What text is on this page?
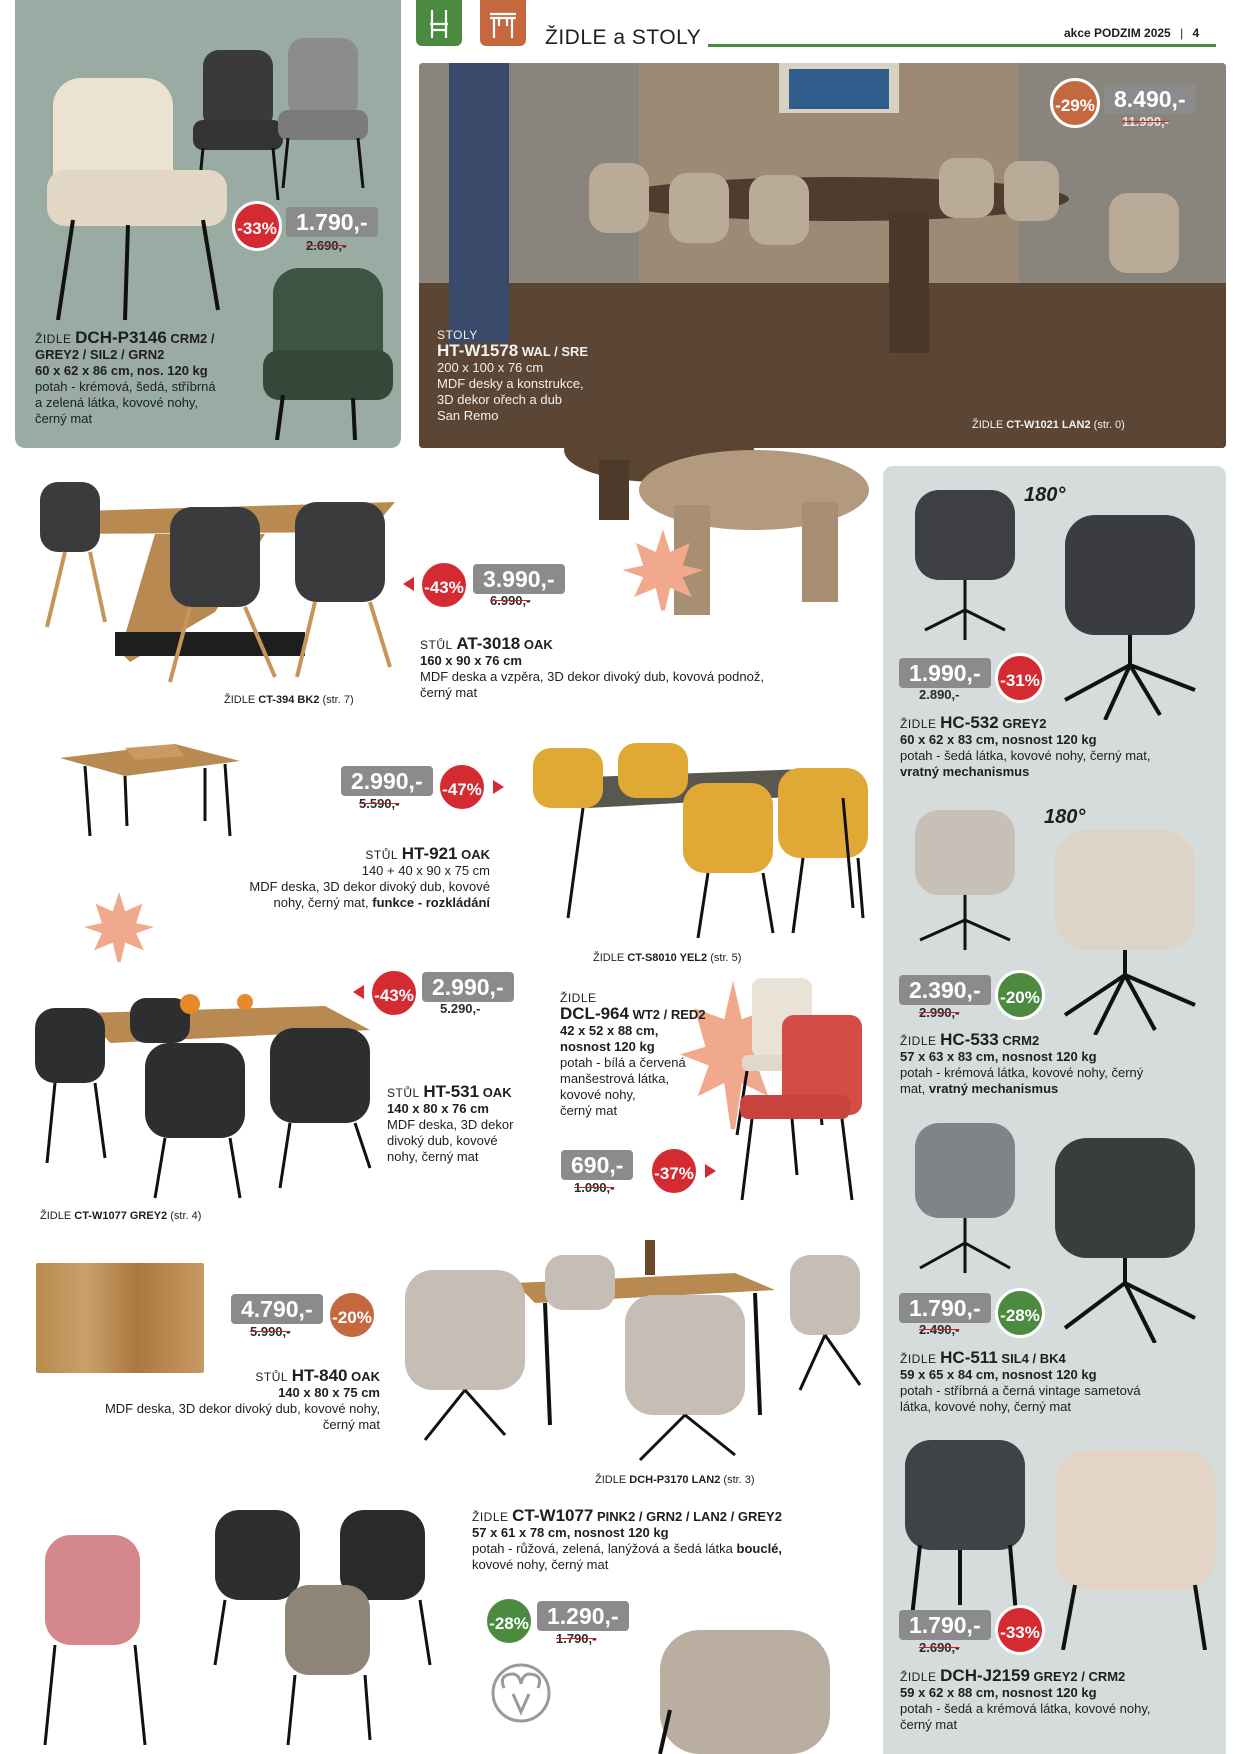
ŽIDLE a STOLY	akce PODZIM 2025 | 4
ŽIDLE DCH-P3146 CRM2 /
GREY2 / SIL2 / GRN2
60 x 62 x 86 cm, nos. 120 kg
potah - krémová, šedá, stříbrná
a zelená látka, kovové nohy,
černý mat
-33% 1.790,-
2.690,-
-29% 8.490,-
11.990,-
STOLY
HT-W1578 WAL / SRE
200 x 100 x 76 cm
MDF desky a konstrukce,
3D dekor ořech a dub
San Remo
ŽIDLE CT-W1021 LAN2 (str. 0)
-43% 3.990,-
6.990,-
STŮL AT-3018 OAK
160 x 90 x 76 cm
MDF deska a vzpěra, 3D dekor divoký dub, kovová podnož,
černý mat
ŽIDLE CT-394 BK2 (str. 7)
180°
1.990,-	-31%
2.890,-
ŽIDLE HC-532 GREY2
60 x 62 x 83 cm, nosnost 120 kg
potah - šedá látka, kovové nohy, černý mat,
vratný mechanismus
180°
2.390,-	-20%
2.990,-
ŽIDLE HC-533 CRM2
57 x 63 x 83 cm, nosnost 120 kg
potah - krémová látka, kovové nohy, černý
mat, vratný mechanismus
1.790,-	-28%
2.490,-
ŽIDLE HC-511 SIL4 / BK4
59 x 65 x 84 cm, nosnost 120 kg
potah - stříbrná a černá vintage sametová
látka, kovové nohy, černý mat
1.790,-	-33%
2.690,-
ŽIDLE DCH-J2159 GREY2 / CRM2
59 x 62 x 88 cm, nosnost 120 kg
potah - šedá a krémová látka, kovové nohy,
černý mat
2.990,-	-47%
5.590,-
STŮL HT-921 OAK
140 + 40 x 90 x 75 cm
MDF deska, 3D dekor divoký dub, kovové
nohy, černý mat, funkce - rozkládání
ŽIDLE CT-S8010 YEL2 (str. 5)
-43% 2.990,-
5.290,-
STŮL HT-531 OAK
140 x 80 x 76 cm
MDF deska, 3D dekor
divoký dub, kovové
nohy, černý mat
ŽIDLE CT-W1077 GREY2 (str. 4)
ŽIDLE
DCL-964 WT2 / RED2
42 x 52 x 88 cm,
nosnost 120 kg
potah - bílá a červená
manšestrová látka,
kovové nohy,
černý mat
690,-	-37%
1.090,-
4.790,-	-20%
5.990,-
STŮL HT-840 OAK
140 x 80 x 75 cm
MDF deska, 3D dekor divoký dub, kovové nohy,
černý mat
ŽIDLE DCH-P3170 LAN2 (str. 3)
ŽIDLE CT-W1077 PINK2 / GRN2 / LAN2 / GREY2
57 x 61 x 78 cm, nosnost 120 kg
potah - růžová, zelená, lanýžová a šedá látka bouclé,
kovové nohy, černý mat
-28% 1.290,-
1.790,-
